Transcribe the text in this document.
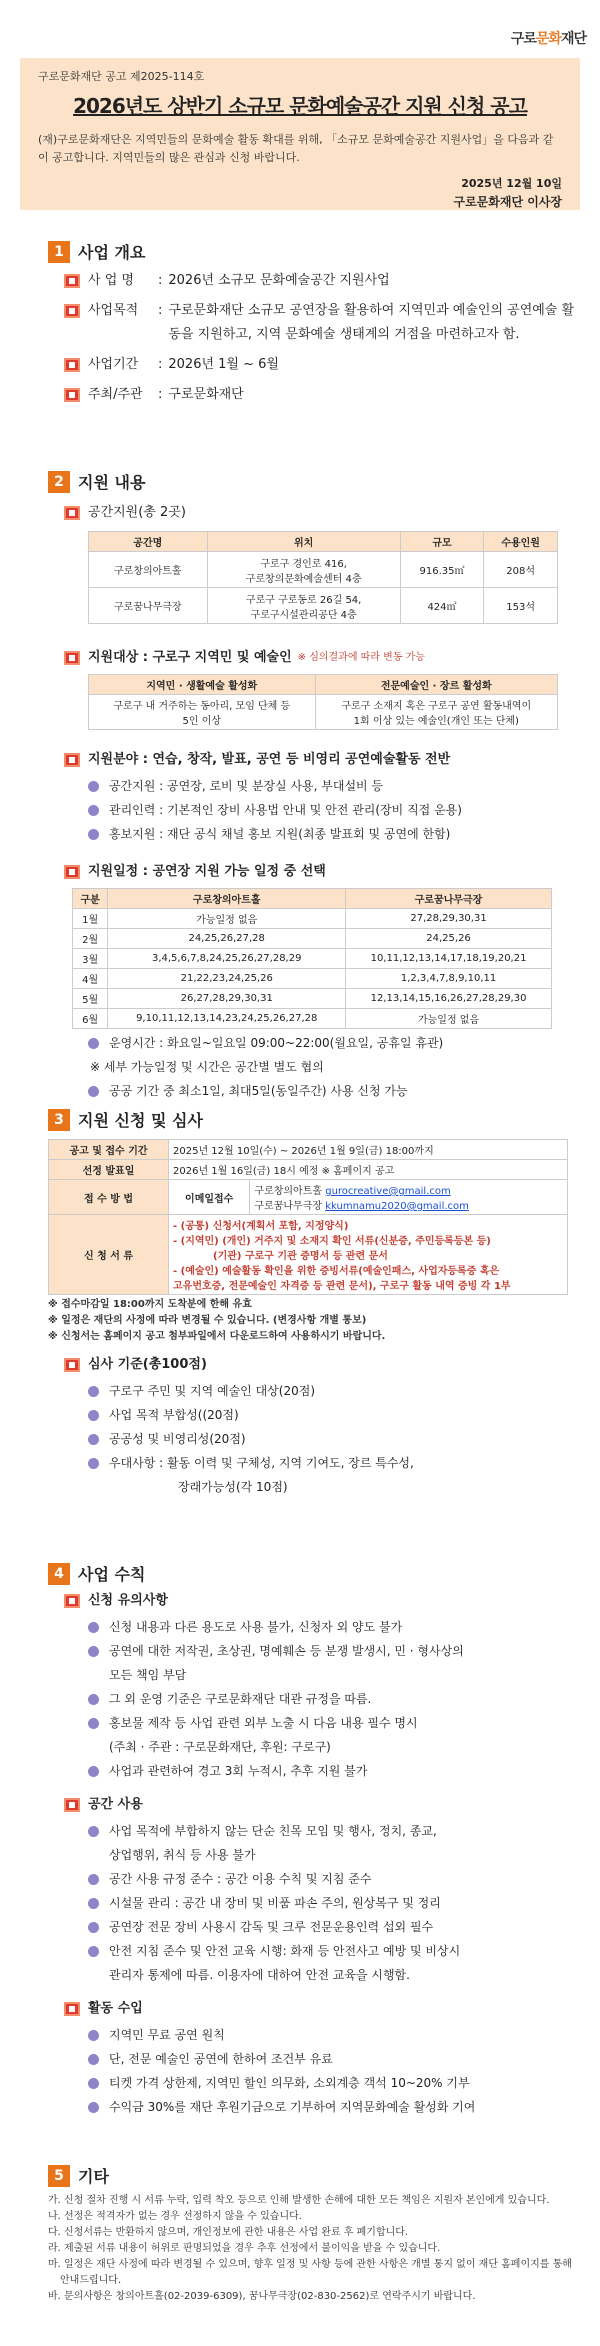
구로문화재단
구로문화재단 공고 제2025-114호
2026년도 상반기 소규모 문화예술공간 지원 신청 공고
(재)구로문화재단은 지역민들의 문화예술 활동 확대를 위해, 「소규모 문화예술공간 지원사업」을 다음과 같이 공고합니다. 지역민들의 많은 관심과 신청 바랍니다.
2025년 12월 10일
구로문화재단 이사장
1 사업 개요
사 업 명	: 2026년 소규모 문화예술공간 지원사업
사업목적	: 구로문화재단 소규모 공연장을 활용하여 지역민과 예술인의 공연예술 활동을 지원하고, 지역 문화예술 생태계의 거점을 마련하고자 함.
사업기간	: 2026년 1월 ~ 6월
주최/주관	: 구로문화재단
2 지원 내용
공간지원(총 2곳)
공간명	위치	규모	수용인원
구로창의아트홀	구로구 경인로 416,
구로창의문화예술센터 4층	916.35㎡	208석
구로꿈나무극장	구로구 구로동로 26길 54,
구로구시설관리공단 4층	424㎡	153석
지원대상 : 구로구 지역민 및 예술인 ※ 심의결과에 따라 변동 가능
지역민 · 생활예술 활성화	전문예술인 · 장르 활성화
구로구 내 거주하는 동아리, 모임 단체 등
5인 이상	구로구 소재지 혹은 구로구 공연 활동내역이
1회 이상 있는 예술인(개인 또는 단체)
지원분야 : 연습, 창작, 발표, 공연 등 비영리 공연예술활동 전반
공간지원 : 공연장, 로비 및 분장실 사용, 부대설비 등
관리인력 : 기본적인 장비 사용법 안내 및 안전 관리(장비 직접 운용)
홍보지원 : 재단 공식 채널 홍보 지원(최종 발표회 및 공연에 한함)
지원일정 : 공연장 지원 가능 일정 중 선택
구분	구로창의아트홀	구로꿈나무극장
1월	가능일정 없음	27,28,29,30,31
2월	24,25,26,27,28	24,25,26
3월	3,4,5,6,7,8,24,25,26,27,28,29	10,11,12,13,14,17,18,19,20,21
4월	21,22,23,24,25,26	1,2,3,4,7,8,9,10,11
5월	26,27,28,29,30,31	12,13,14,15,16,26,27,28,29,30
6월	9,10,11,12,13,14,23,24,25,26,27,28	가능일정 없음
운영시간 : 화요일~일요일 09:00~22:00(월요일, 공휴일 휴관)
※ 세부 가능일정 및 시간은 공간별 별도 협의
공공 기간 중 최소1일, 최대5일(동일주간) 사용 신청 가능
3 지원 신청 및 심사
공고 및 접수 기간	2025년 12월 10일(수) ~ 2026년 1월 9일(금) 18:00까지	
선정 발표일	2026년 1월 16일(금) 18시 예정 ※ 홈페이지 공고	
접 수 방 법	이메일접수	구로창의아트홀 gurocreative@gmail.com
구로꿈나무극장 kkumnamu2020@gmail.com

신 청 서 류	- (공통) 신청서(계획서 포함, 지정양식)
- (지역민) (개인) 거주지 및 소재지 확인 서류(신분증, 주민등록등본 등)
(기관) 구로구 기관 증명서 등 관련 문서
- (예술인) 예술활동 확인을 위한 증빙서류(예술인패스, 사업자등록증 혹은
고유번호증, 전문예술인 자격증 등 관련 문서), 구로구 활동 내역 증빙 각 1부	
※ 접수마감일 18:00까지 도착분에 한해 유효
※ 일정은 재단의 사정에 따라 변경될 수 있습니다. (변경사항 개별 통보)
※ 신청서는 홈페이지 공고 첨부파일에서 다운로드하여 사용하시기 바랍니다.
심사 기준(총100점)
구로구 주민 및 지역 예술인 대상(20점)
사업 목적 부합성((20점)
공공성 및 비영리성(20점)
우대사항 : 활동 이력 및 구체성, 지역 기여도, 장르 특수성,
장래가능성(각 10점)
4 사업 수칙
신청 유의사항
신청 내용과 다른 용도로 사용 불가, 신청자 외 양도 불가
공연에 대한 저작권, 초상권, 명예훼손 등 분쟁 발생시, 민 · 형사상의
모든 책임 부담
그 외 운영 기준은 구로문화재단 대관 규정을 따름.
홍보물 제작 등 사업 관련 외부 노출 시 다음 내용 필수 명시
(주최 · 주관 : 구로문화재단, 후원: 구로구)
사업과 관련하여 경고 3회 누적시, 추후 지원 불가
공간 사용
사업 목적에 부합하지 않는 단순 친목 모임 및 행사, 정치, 종교,
상업행위, 취식 등 사용 불가
공간 사용 규정 준수 : 공간 이용 수칙 및 지침 준수
시설물 관리 : 공간 내 장비 및 비품 파손 주의, 원상복구 및 정리
공연장 전문 장비 사용시 감독 및 크루 전문운용인력 섭외 필수
안전 지침 준수 및 안전 교육 시행: 화재 등 안전사고 예방 및 비상시
관리자 통제에 따름. 이용자에 대하여 안전 교육을 시행함.
활동 수입
지역민 무료 공연 원칙
단, 전문 예술인 공연에 한하여 조건부 유료
티켓 가격 상한제, 지역민 할인 의무화, 소외계층 객석 10~20% 기부
수익금 30%를 재단 후원기금으로 기부하여 지역문화예술 활성화 기여
5 기타
가. 신청 절차 진행 시 서류 누락, 입력 착오 등으로 인해 발생한 손해에 대한 모든 책임은 지원자 본인에게 있습니다.
나. 선정은 적격자가 없는 경우 선정하지 않을 수 있습니다.
다. 신청서류는 반환하지 않으며, 개인정보에 관한 내용은 사업 완료 후 폐기합니다.
라. 제출된 서류 내용이 허위로 판명되었을 경우 추후 선정에서 불이익을 받을 수 있습니다.
마. 일정은 재단 사정에 따라 변경될 수 있으며, 향후 일정 및 사항 등에 관한 사항은 개별 통지 없이 재단 홈페이지를 통해 안내드립니다.
바. 문의사항은 창의아트홀(02-2039-6309), 꿈나무극장(02-830-2562)로 연락주시기 바랍니다.
